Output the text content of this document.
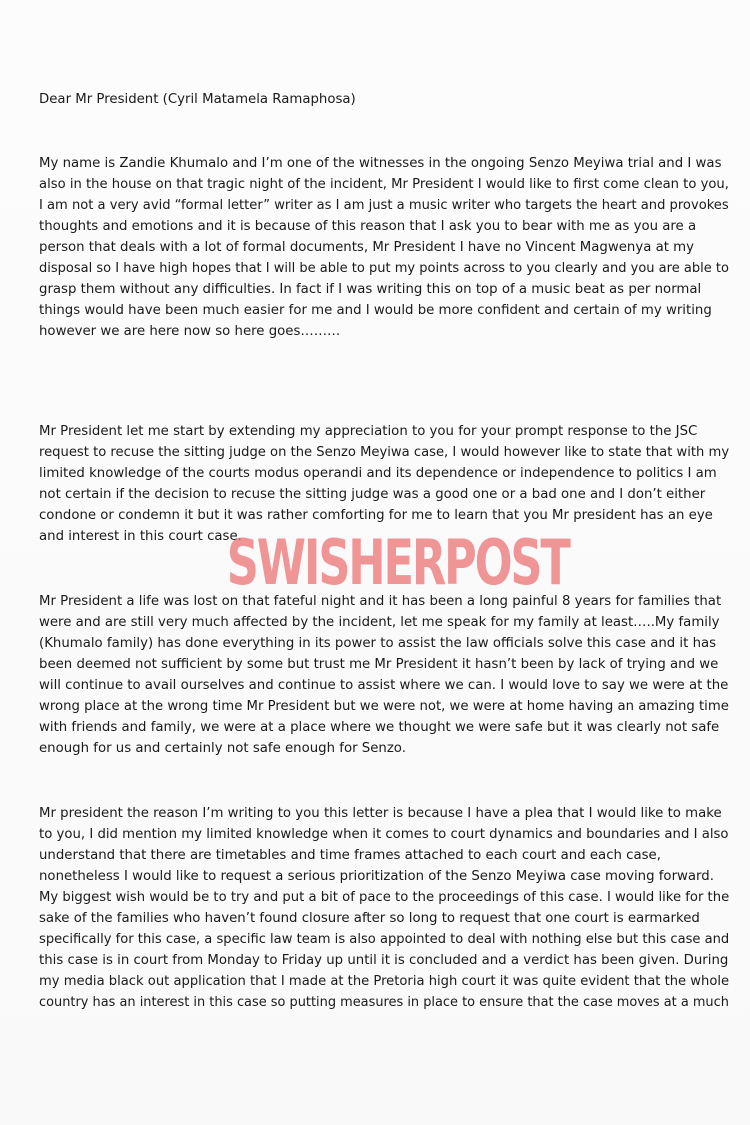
Dear Mr President (Cyril Matamela Ramaphosa)
My name is Zandie Khumalo and I’m one of the witnesses in the ongoing Senzo Meyiwa trial and I was
also in the house on that tragic night of the incident, Mr President I would like to first come clean to you,
I am not a very avid “formal letter” writer as I am just a music writer who targets the heart and provokes
thoughts and emotions and it is because of this reason that I ask you to bear with me as you are a
person that deals with a lot of formal documents, Mr President I have no Vincent Magwenya at my
disposal so I have high hopes that I will be able to put my points across to you clearly and you are able to
grasp them without any difficulties. In fact if I was writing this on top of a music beat as per normal
things would have been much easier for me and I would be more confident and certain of my writing
however we are here now so here goes………
Mr President let me start by extending my appreciation to you for your prompt response to the JSC
request to recuse the sitting judge on the Senzo Meyiwa case, I would however like to state that with my
limited knowledge of the courts modus operandi and its dependence or independence to politics I am
not certain if the decision to recuse the sitting judge was a good one or a bad one and I don’t either
condone or condemn it but it was rather comforting for me to learn that you Mr president has an eye
and interest in this court case.
Mr President a life was lost on that fateful night and it has been a long painful 8 years for families that
were and are still very much affected by the incident, let me speak for my family at least…..My family
(Khumalo family) has done everything in its power to assist the law officials solve this case and it has
been deemed not sufficient by some but trust me Mr President it hasn’t been by lack of trying and we
will continue to avail ourselves and continue to assist where we can. I would love to say we were at the
wrong place at the wrong time Mr President but we were not, we were at home having an amazing time
with friends and family, we were at a place where we thought we were safe but it was clearly not safe
enough for us and certainly not safe enough for Senzo.
Mr president the reason I’m writing to you this letter is because I have a plea that I would like to make
to you, I did mention my limited knowledge when it comes to court dynamics and boundaries and I also
understand that there are timetables and time frames attached to each court and each case,
nonetheless I would like to request a serious prioritization of the Senzo Meyiwa case moving forward.
My biggest wish would be to try and put a bit of pace to the proceedings of this case. I would like for the
sake of the families who haven’t found closure after so long to request that one court is earmarked
specifically for this case, a specific law team is also appointed to deal with nothing else but this case and
this case is in court from Monday to Friday up until it is concluded and a verdict has been given. During
my media black out application that I made at the Pretoria high court it was quite evident that the whole
country has an interest in this case so putting measures in place to ensure that the case moves at a much
SWISHERPOST
